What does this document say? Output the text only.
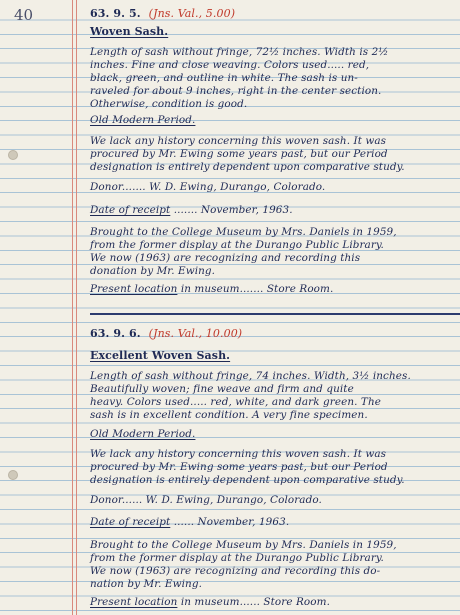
40	63. 9. 5. (Jns. Val., 5.00)
Woven Sash.
Length of sash without fringe, 72½ inches. Width is 2½
inches. Fine and close weaving. Colors used..... red,
black, green, and outline in white. The sash is un-
raveled for about 9 inches, right in the center section.
Otherwise, condition is good.
Old Modern Period.
We lack any history concerning this woven sash. It was
procured by Mr. Ewing some years past, but our Period
designation is entirely dependent upon comparative study.
Donor....... W. D. Ewing, Durango, Colorado.
Date of receipt ....... November, 1963.
Brought to the College Museum by Mrs. Daniels in 1959,
from the former display at the Durango Public Library.
We now (1963) are recognizing and recording this
donation by Mr. Ewing.
Present location in museum....... Store Room.
63. 9. 6. (Jns. Val., 10.00)
Excellent Woven Sash.
Length of sash without fringe, 74 inches. Width, 3½ inches.
Beautifully woven; fine weave and firm and quite
heavy. Colors used..... red, white, and dark green. The
sash is in excellent condition. A very fine specimen.
Old Modern Period.
We lack any history concerning this woven sash. It was
procured by Mr. Ewing some years past, but our Period
designation is entirely dependent upon comparative study.
Donor...... W. D. Ewing, Durango, Colorado.
Date of receipt ...... November, 1963.
Brought to the College Museum by Mrs. Daniels in 1959,
from the former display at the Durango Public Library.
We now (1963) are recognizing and recording this do-
nation by Mr. Ewing.
Present location in museum...... Store Room.
